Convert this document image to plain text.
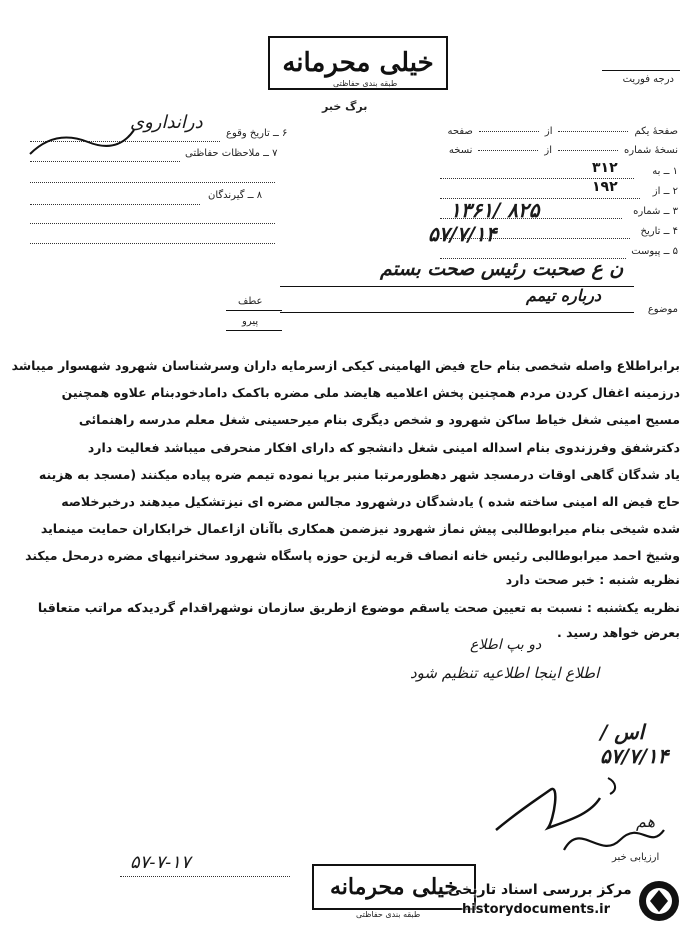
خیلی محرمانه
طبقه بندی حفاظتی
برگ خبر
درجه فوریت
۶ ــ تاریخ وقوع
درانداروی
۷ ــ ملاحظات حفاظتی
۸ ــ گیرندگان
صفحهٔ یکم
از
صفحه
نسخهٔ شماره
از
نسخه
۱ ــ به
۳۱۲
۲ ــ از
۱۹۲
۳ ــ شماره
۱۳۶۱/ ۸۲۵
۴ ــ تاریخ
۵۷/۷/۱۴
۵ ــ پیوست
ن ع صحبت رئیس صحت بستم
درباره تیمم
موضوع
عطف
پیرو
برابراطلاع واصله شخصی بنام حاج فیض الهامینی کیکی ازسرمایه داران وسرشناسان شهرود شهسوار میباشد
درزمینه اغفال کردن مردم همچنین پخش اعلامیه هایضد ملی مضره باکمک دامادخودبنام علاوه همچنین
مسیح امینی شغل خیاط ساکن شهرود و شخص دیگری بنام میرحسینی شغل معلم مدرسه راهنمائی
دکترشفق وفرزندوی بنام اسداله امینی شغل دانشجو که دارای افکار منحرفی میباشد فعالیت دارد
یاد شدگان گاهی اوقات درمسجد شهر دهطورمرتبا منبر برپا نموده تیمم ضره پیاده میکنند (مسجد به هزینه
حاج فیض اله امینی ساخته شده ) یادشدگان درشهرود مجالس مضره ای نیزتشکیل میدهند درخبرخلاصه
شده شیخی بنام میرابوطالبی پیش نماز شهرود نیزضمن همکاری باآنان ازاعمال خرابکاران حمایت مینماید
وشیخ احمد میرابوطالبی رئیس خانه انصاف قریه لزین حوزه پاسگاه شهرود سخنرانیهای مضره درمحل میکند
نظریه شنبه : خبر صحت دارد
نظریه یکشنبه : نسبت به تعیین صحت یاسقم موضوع ازطریق سازمان نوشهراقدام گردیدکه مراتب متعاقبا
بعرض خواهد رسید .
دو بپ اطلاع
اطلاع اینجا اطلاعیه تنظیم شود
اس / ۵۷/۷/۱۴
هم
ارزیابی خبر
۵۷-۷-۱۷
خیلی محرمانه
طبقه بندی حفاظتی
مرکز بررسی اسناد تاریخی
historydocuments.ir
